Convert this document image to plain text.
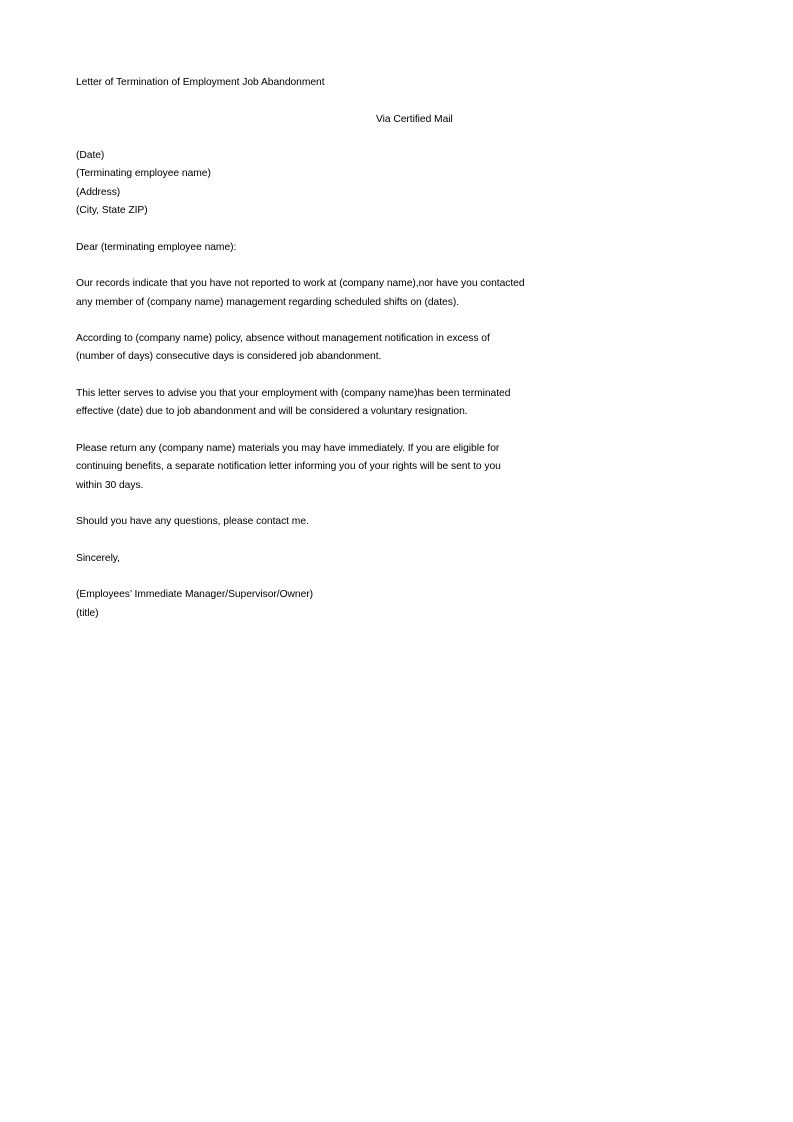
Letter of Termination of Employment Job Abandonment

Via Certified Mail

(Date)

(Terminating employee name)

(Address)

(City, State ZIP)

Dear (terminating employee name):

Our records indicate that you have not reported to work at (company name),nor have you contacted

any member of (company name) management regarding scheduled shifts on (dates).

According to (company name) policy, absence without management notification in excess of

(number of days) consecutive days is considered job abandonment.

This letter serves to advise you that your employment with (company name)has been terminated

effective (date) due to job abandonment and will be considered a voluntary resignation.

Please return any (company name) materials you may have immediately. If you are eligible for

continuing benefits, a separate notification letter informing you of your rights will be sent to you

within 30 days.

Should you have any questions, please contact me.

Sincerely,

(Employees’ Immediate Manager/Supervisor/Owner)

(title)
